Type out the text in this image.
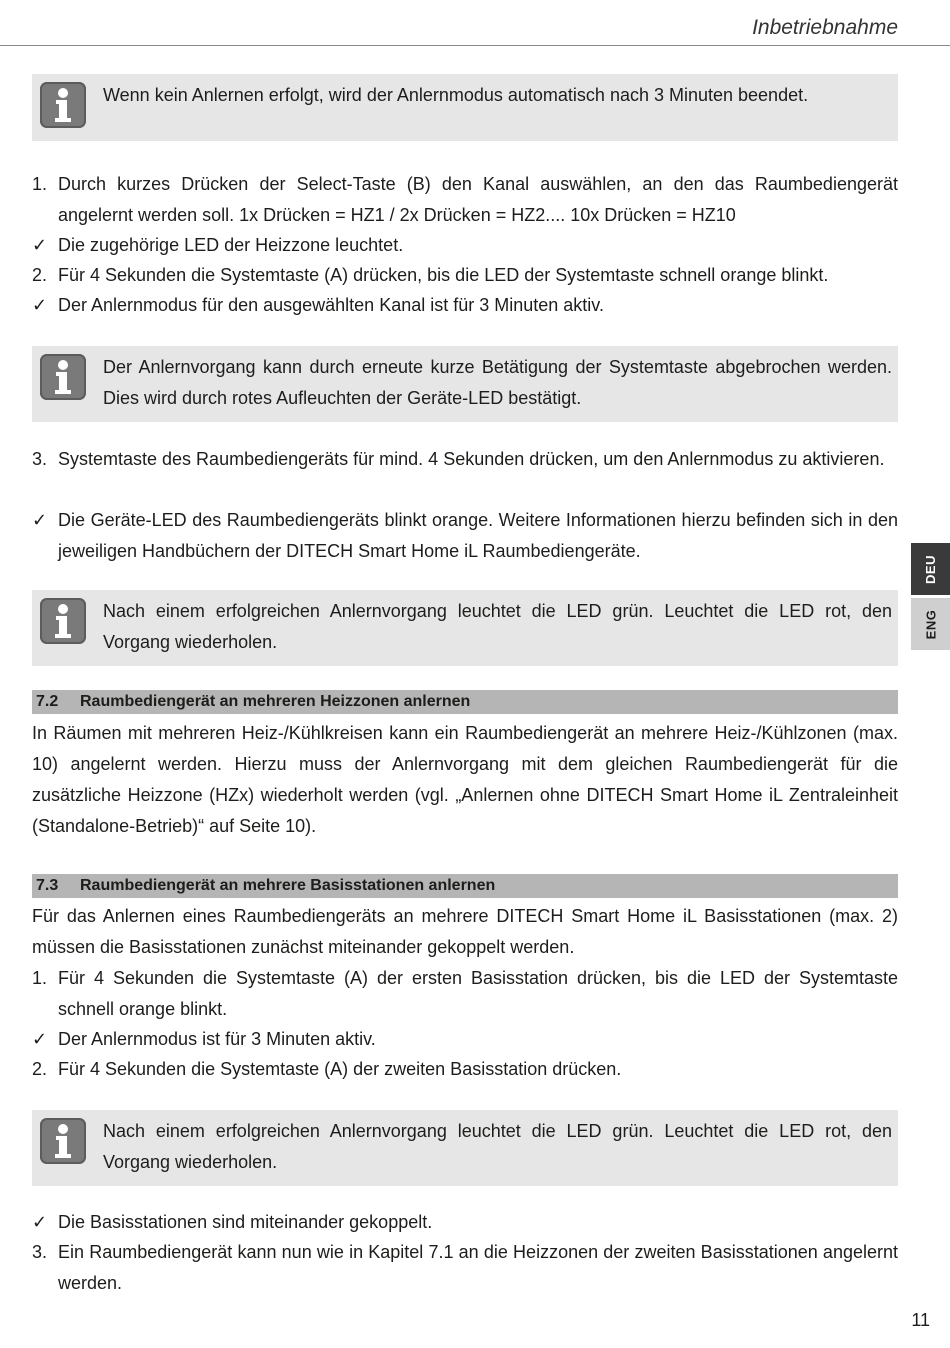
Inbetriebnahme
Wenn kein Anlernen erfolgt, wird der Anlernmodus automatisch nach 3 Minuten beendet.
1. Durch kurzes Drücken der Select-Taste (B) den Kanal auswählen, an den das Raumbediengerät angelernt werden soll. 1x Drücken = HZ1 / 2x Drücken = HZ2.... 10x Drücken = HZ10
✓ Die zugehörige LED der Heizzone leuchtet.
2. Für 4 Sekunden die Systemtaste (A) drücken, bis die LED der Systemtaste schnell orange blinkt.
✓ Der Anlernmodus für den ausgewählten Kanal ist für 3 Minuten aktiv.
Der Anlernvorgang kann durch erneute kurze Betätigung der Systemtaste abgebrochen werden. Dies wird durch rotes Aufleuchten der Geräte-LED bestätigt.
3. Systemtaste des Raumbediengeräts für mind. 4 Sekunden drücken, um den Anlernmodus zu aktivieren.
✓ Die Geräte-LED des Raumbediengeräts blinkt orange. Weitere Informationen hierzu befinden sich in den jeweiligen Handbüchern der DITECH Smart Home iL Raumbediengeräte.
Nach einem erfolgreichen Anlernvorgang leuchtet die LED grün. Leuchtet die LED rot, den Vorgang wiederholen.
7.2 Raumbediengerät an mehreren Heizzonen anlernen
In Räumen mit mehreren Heiz-/Kühlkreisen kann ein Raumbediengerät an mehrere Heiz-/Kühlzonen (max. 10) angelernt werden. Hierzu muss der Anlernvorgang mit dem gleichen Raumbediengerät für die zusätzliche Heizzone (HZx) wiederholt werden (vgl. „Anlernen ohne DITECH Smart Home iL Zentraleinheit (Standalone-Betrieb)“ auf Seite 10).
7.3 Raumbediengerät an mehrere Basisstationen anlernen
Für das Anlernen eines Raumbediengeräts an mehrere DITECH Smart Home iL Basisstationen (max. 2) müssen die Basisstationen zunächst miteinander gekoppelt werden.
1. Für 4 Sekunden die Systemtaste (A) der ersten Basisstation drücken, bis die LED der Systemtaste schnell orange blinkt.
✓ Der Anlernmodus ist für 3 Minuten aktiv.
2. Für 4 Sekunden die Systemtaste (A) der zweiten Basisstation drücken.
Nach einem erfolgreichen Anlernvorgang leuchtet die LED grün. Leuchtet die LED rot, den Vorgang wiederholen.
✓ Die Basisstationen sind miteinander gekoppelt.
3. Ein Raumbediengerät kann nun wie in Kapitel 7.1 an die Heizzonen der zweiten Basisstationen angelernt werden.
DEU
ENG
11
